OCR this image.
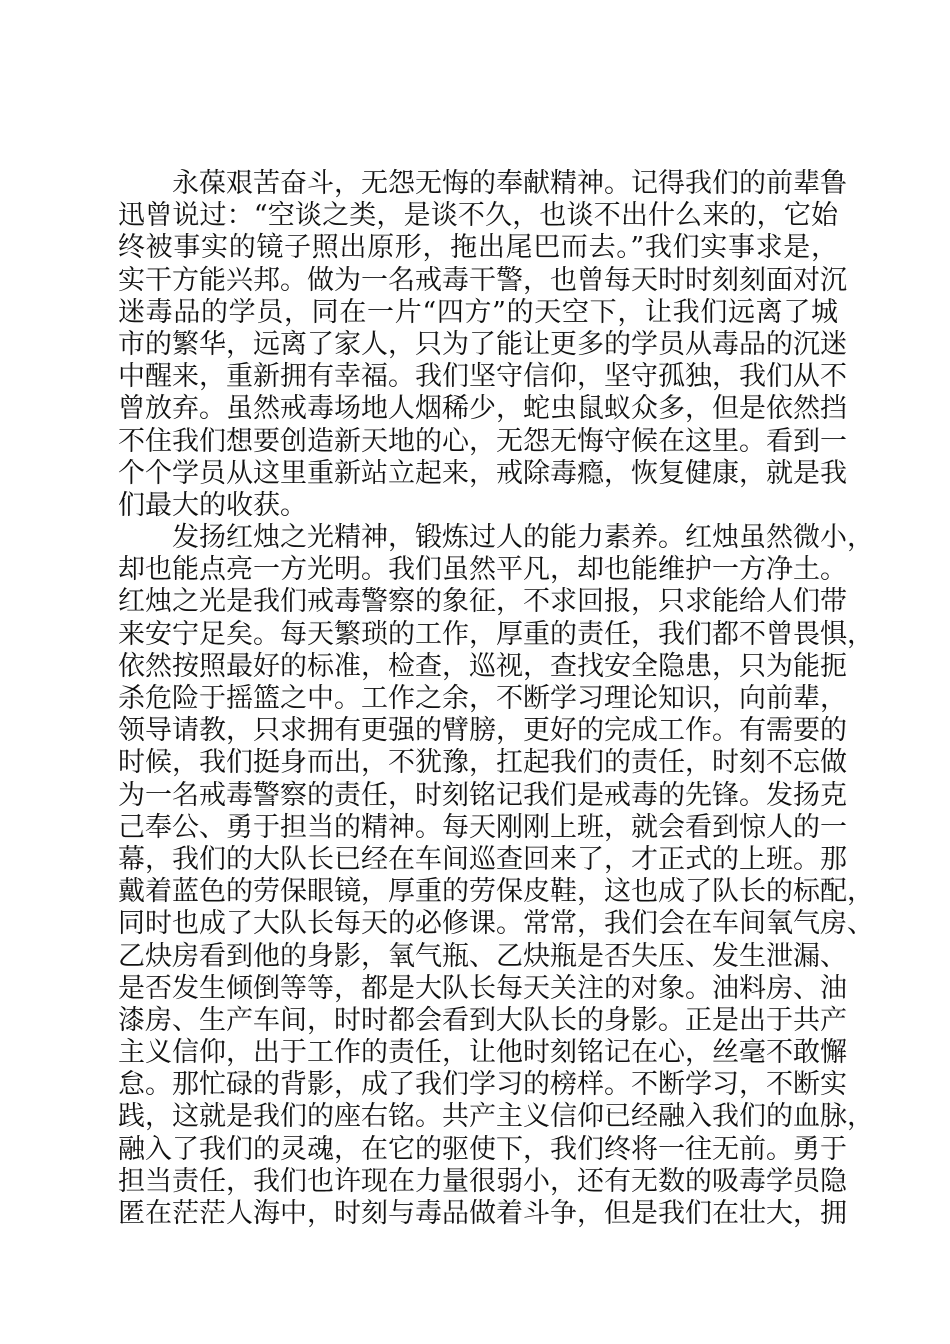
永葆艰苦奋斗，无怨无悔的奉献精神。记得我们的前辈鲁
迅曾说过：“空谈之类，是谈不久，也谈不出什么来的，它始
终被事实的镜子照出原形，拖出尾巴而去。”我们实事求是，
实干方能兴邦。做为一名戒毒干警，也曾每天时时刻刻面对沉
迷毒品的学员，同在一片“四方”的天空下，让我们远离了城
市的繁华，远离了家人，只为了能让更多的学员从毒品的沉迷
中醒来，重新拥有幸福。我们坚守信仰，坚守孤独，我们从不
曾放弃。虽然戒毒场地人烟稀少，蛇虫鼠蚁众多，但是依然挡
不住我们想要创造新天地的心，无怨无悔守候在这里。看到一
个个学员从这里重新站立起来，戒除毒瘾，恢复健康，就是我
们最大的收获。
发扬红烛之光精神，锻炼过人的能力素养。红烛虽然微小，
却也能点亮一方光明。我们虽然平凡，却也能维护一方净土。
红烛之光是我们戒毒警察的象征，不求回报，只求能给人们带
来安宁足矣。每天繁琐的工作，厚重的责任，我们都不曾畏惧，
依然按照最好的标准，检查，巡视，查找安全隐患，只为能扼
杀危险于摇篮之中。工作之余，不断学习理论知识，向前辈，
领导请教，只求拥有更强的臂膀，更好的完成工作。有需要的
时候，我们挺身而出，不犹豫，扛起我们的责任，时刻不忘做
为一名戒毒警察的责任，时刻铭记我们是戒毒的先锋。发扬克
己奉公、勇于担当的精神。每天刚刚上班，就会看到惊人的一
幕，我们的大队长已经在车间巡查回来了，才正式的上班。那
戴着蓝色的劳保眼镜，厚重的劳保皮鞋，这也成了队长的标配，
同时也成了大队长每天的必修课。常常，我们会在车间氧气房、
乙炔房看到他的身影，氧气瓶、乙炔瓶是否失压、发生泄漏、
是否发生倾倒等等，都是大队长每天关注的对象。油料房、油
漆房、生产车间，时时都会看到大队长的身影。正是出于共产
主义信仰，出于工作的责任，让他时刻铭记在心，丝毫不敢懈
怠。那忙碌的背影，成了我们学习的榜样。不断学习，不断实
践，这就是我们的座右铭。共产主义信仰已经融入我们的血脉，
融入了我们的灵魂，在它的驱使下，我们终将一往无前。勇于
担当责任，我们也许现在力量很弱小，还有无数的吸毒学员隐
匿在茫茫人海中，时刻与毒品做着斗争，但是我们在壮大，拥
